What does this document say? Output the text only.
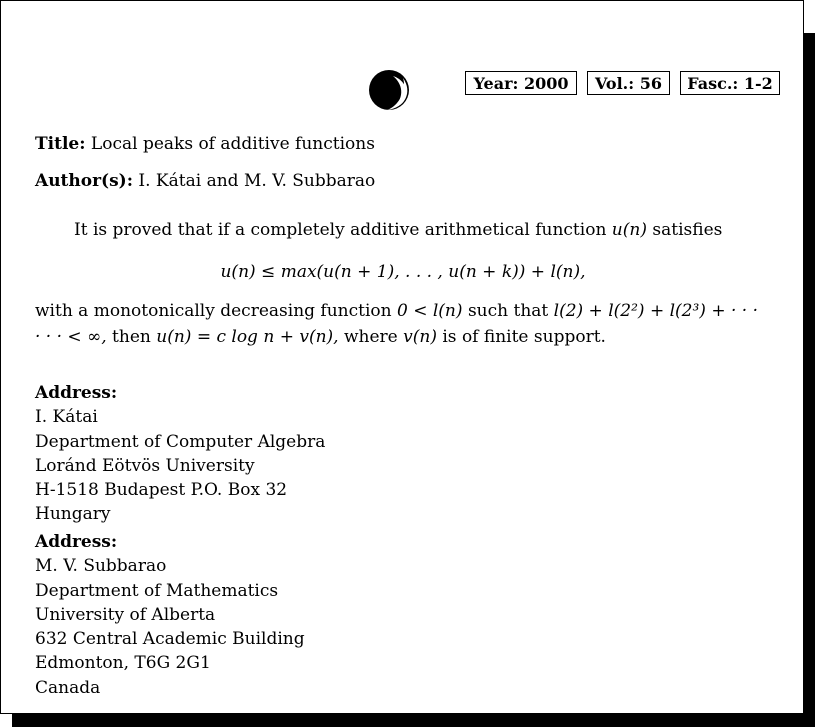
Year: 2000	Vol.: 56	Fasc.: 1-2
Title: Local peaks of additive functions
Author(s): I. Kátai and M. V. Subbarao
It is proved that if a completely additive arithmetical function u(n) satisfies
u(n) ≤ max(u(n + 1), . . . , u(n + k)) + l(n),
with a monotonically decreasing function 0 < l(n) such that l(2) + l(2²) + l(2³) + · · ·
· · · < ∞, then u(n) = c log n + v(n), where v(n) is of finite support.
Address:
I. Kátai
Department of Computer Algebra
Loránd Eötvös University
H-1518 Budapest P.O. Box 32
Hungary
Address:
M. V. Subbarao
Department of Mathematics
University of Alberta
632 Central Academic Building
Edmonton, T6G 2G1
Canada
